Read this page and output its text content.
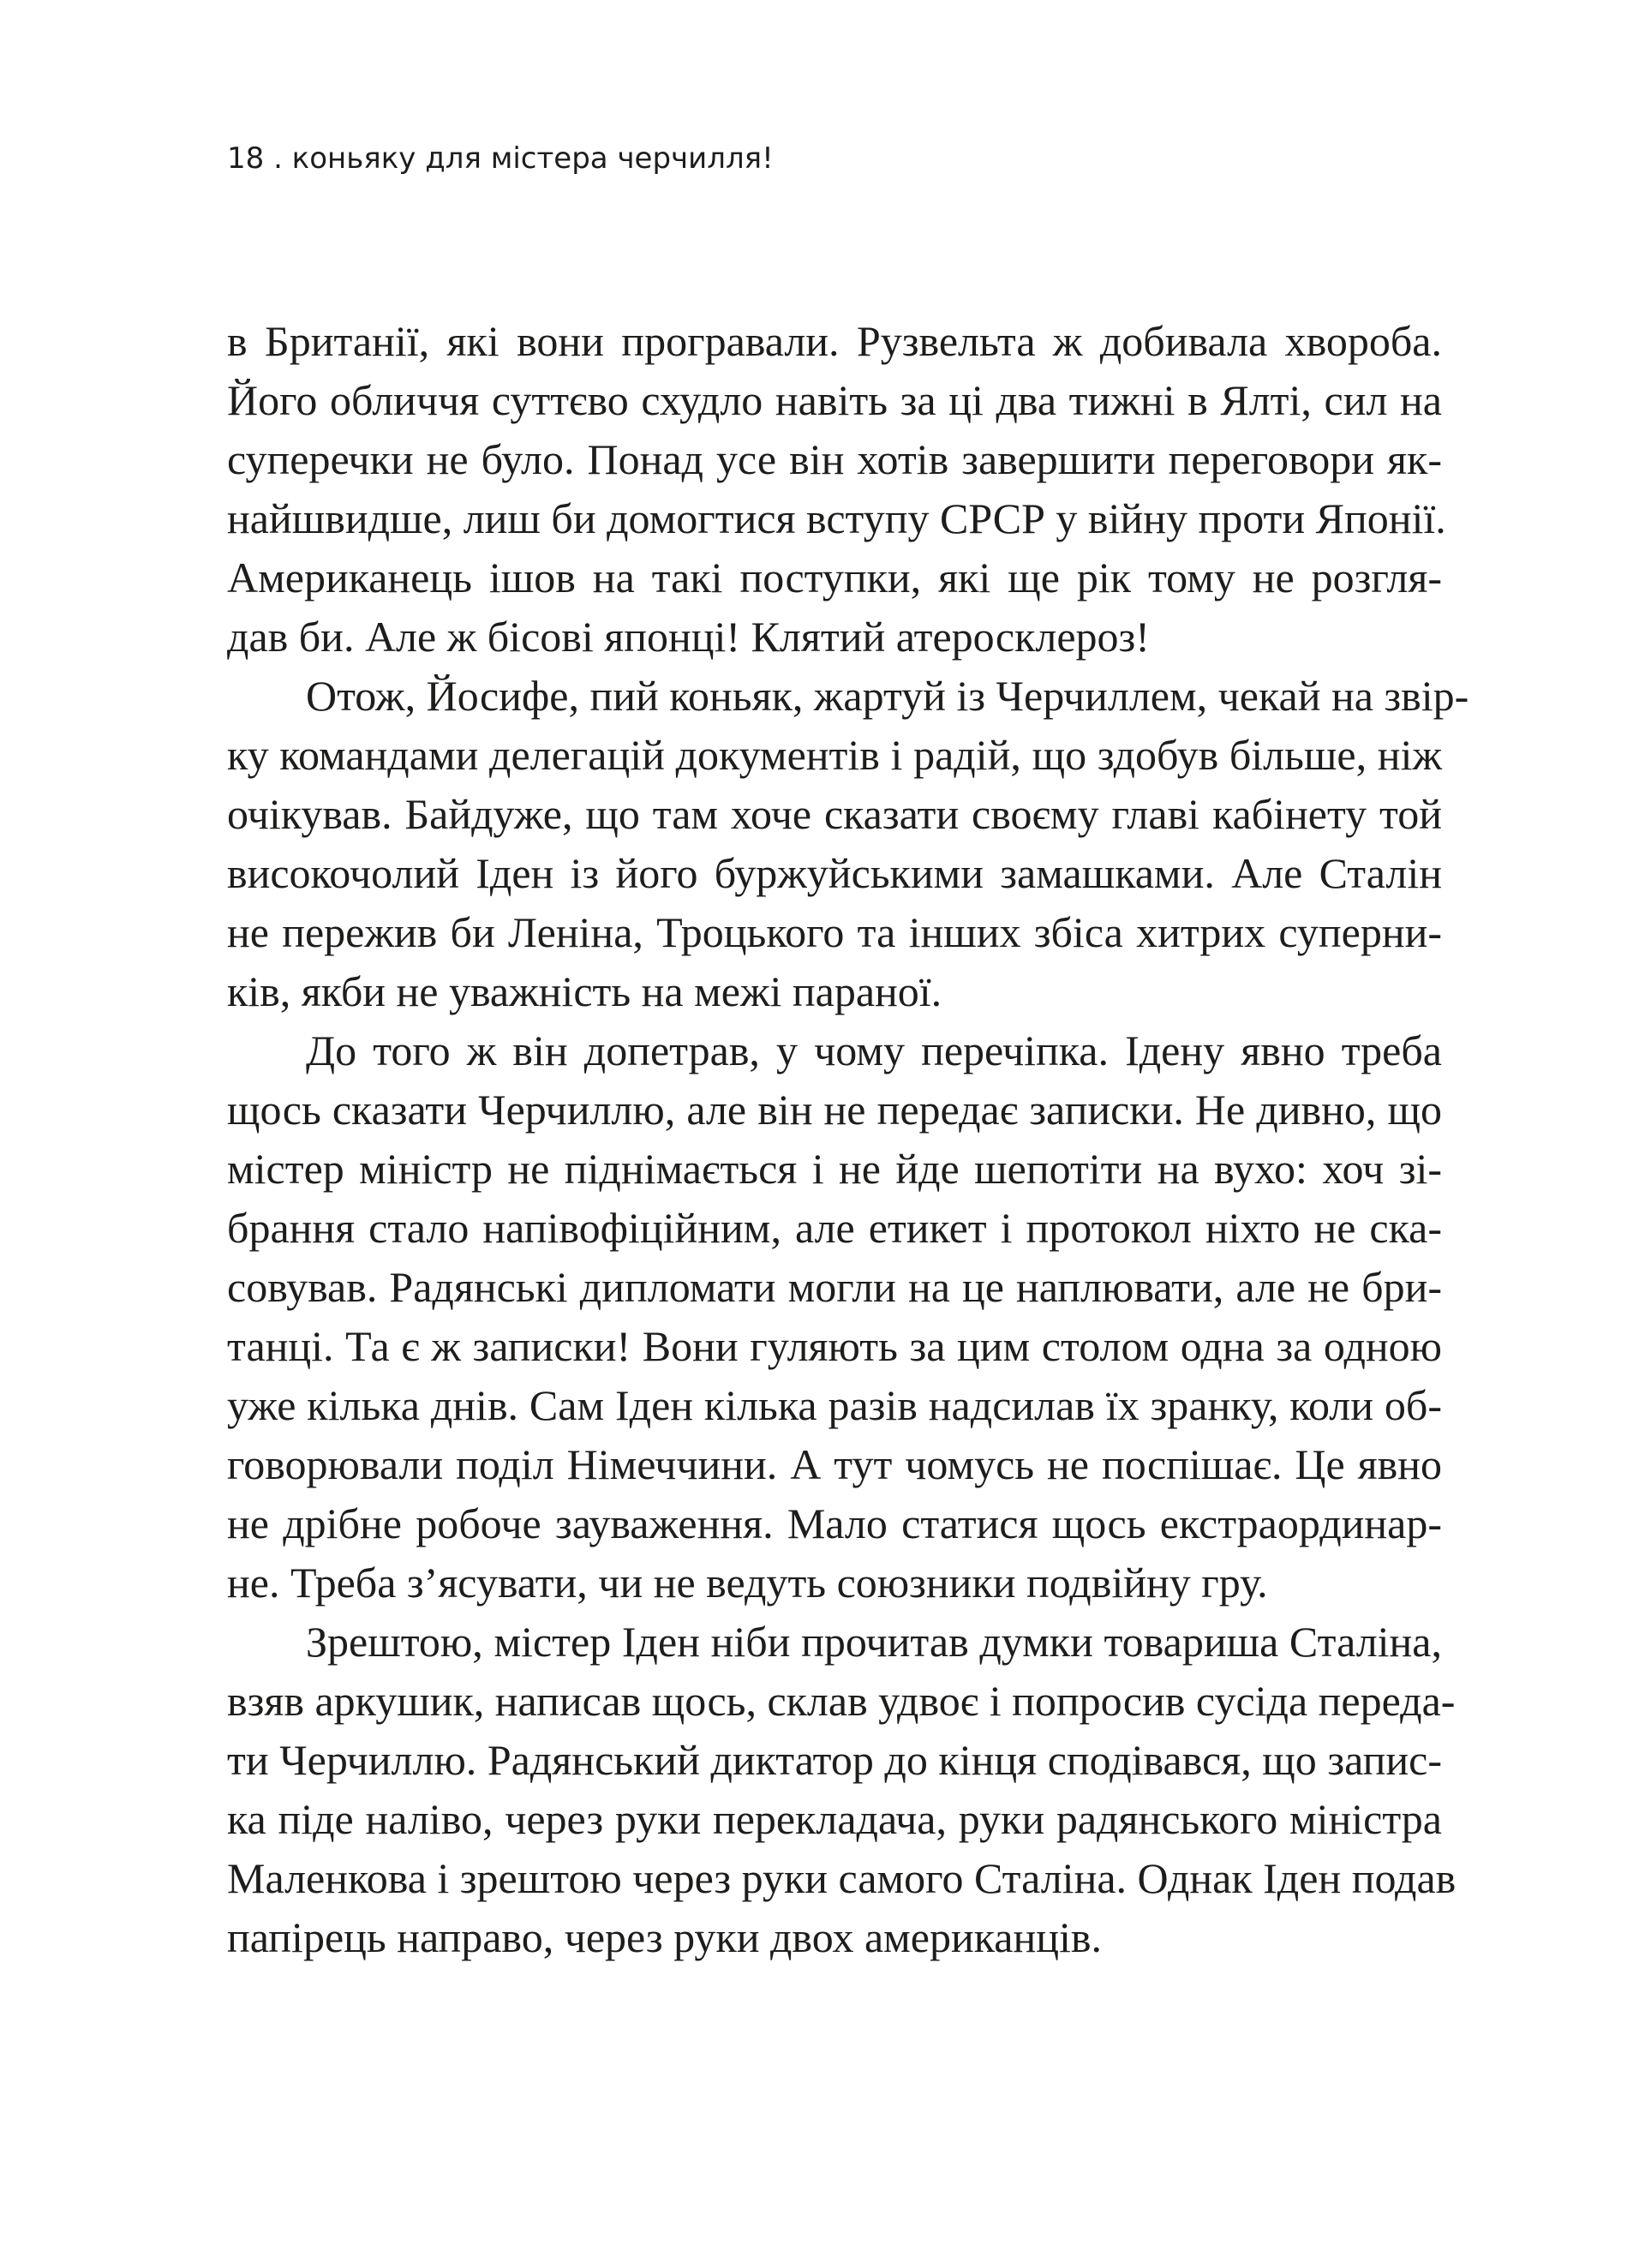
18 . коньяку для містера черчилля!
в Британії, які вони програвали. Рузвельта ж добивала хвороба.
Його обличчя суттєво схудло навіть за ці два тижні в Ялті, сил на
суперечки не було. Понад усе він хотів завершити переговори як-
найшвидше, лиш би домогтися вступу СРСР у війну проти Японії.
Американець ішов на такі поступки, які ще рік тому не розгля-
дав би. Але ж бісові японці! Клятий атеросклероз!
Отож, Йосифе, пий коньяк, жартуй із Черчиллем, чекай на звір-
ку командами делегацій документів і радій, що здобув більше, ніж
очікував. Байдуже, що там хоче сказати своєму главі кабінету той
високочолий Іден із його буржуйськими замашками. Але Сталін
не пережив би Леніна, Троцького та інших збіса хитрих суперни-
ків, якби не уважність на межі параної.
До того ж він допетрав, у чому перечіпка. Ідену явно треба
щось сказати Черчиллю, але він не передає записки. Не дивно, що
містер міністр не піднімається і не йде шепотіти на вухо: хоч зі-
брання стало напівофіційним, але етикет і протокол ніхто не ска-
совував. Радянські дипломати могли на це наплювати, але не бри-
танці. Та є ж записки! Вони гуляють за цим столом одна за одною
уже кілька днів. Сам Іден кілька разів надсилав їх зранку, коли об-
говорювали поділ Німеччини. А тут чомусь не поспішає. Це явно
не дрібне робоче зауваження. Мало статися щось екстраординар-
не. Треба з’ясувати, чи не ведуть союзники подвійну гру.
Зрештою, містер Іден ніби прочитав думки товариша Сталіна,
взяв аркушик, написав щось, склав удвоє і попросив сусіда переда-
ти Черчиллю. Радянський диктатор до кінця сподівався, що запис-
ка піде наліво, через руки перекладача, руки радянського міністра
Маленкова і зрештою через руки самого Сталіна. Однак Іден подав
папірець направо, через руки двох американців.
